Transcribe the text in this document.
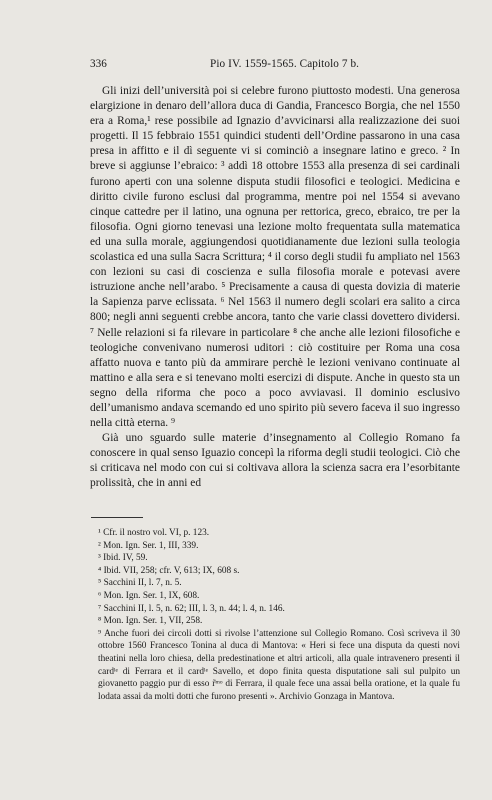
336	Pio IV. 1559-1565. Capitolo 7 b.

Gli inizi dell’università poi si celebre furono piuttosto modesti. Una generosa elargizione in denaro dell’allora duca di Gandia, Francesco Borgia, che nel 1550 era a Roma,¹ rese possibile ad Ignazio d’avvicinarsi alla realizzazione dei suoi progetti. Il 15 febbraio 1551 quindici studenti dell’Ordine passarono in una casa presa in affitto e il dì seguente vi si cominciò a insegnare latino e greco. ² In breve si aggiunse l’ebraico: ³ addì 18 ottobre 1553 alla presenza di sei cardinali furono aperti con una solenne disputa studii filosofici e teologici. Medicina e diritto civile furono esclusi dal programma, mentre poi nel 1554 si avevano cinque cattedre per il latino, una ognuna per rettorica, greco, ebraico, tre per la filosofia. Ogni giorno tenevasi una lezione molto frequentata sulla matematica ed una sulla morale, aggiungendosi quotidianamente due lezioni sulla teologia scolastica ed una sulla Sacra Scrittura; ⁴ il corso degli studii fu ampliato nel 1563 con lezioni su casi di coscienza e sulla filosofia morale e potevasi avere istruzione anche nell’arabo. ⁵ Precisamente a causa di questa dovizia di materie la Sapienza parve eclissata. ⁶ Nel 1563 il numero degli scolari era salito a circa 800; negli anni seguenti crebbe ancora, tanto che varie classi dovettero dividersi. ⁷ Nelle relazioni si fa rilevare in particolare ⁸ che anche alle lezioni filosofiche e teologiche convenivano numerosi uditori : ciò costituire per Roma una cosa affatto nuova e tanto più da ammirare perchè le lezioni venivano continuate al mattino e alla sera e si tenevano molti esercizi di dispute. Anche in questo sta un segno della riforma che poco a poco avviavasi. Il dominio esclusivo dell’umanismo andava scemando ed uno spirito più severo faceva il suo ingresso nella città eterna. ⁹

Già uno sguardo sulle materie d’insegnamento al Collegio Romano fa conoscere in qual senso Iguazio concepì la riforma degli studii teologici. Ciò che si criticava nel modo con cui si coltivava allora la scienza sacra era l’esorbitante prolissità, che in anni ed

¹ Cfr. il nostro vol. VI, p. 123.

² Mon. Ign. Ser. 1, III, 339.

³ Ibid. IV, 59.

⁴ Ibid. VII, 258; cfr. V, 613; IX, 608 s.

⁵ Sacchini II, l. 7, n. 5.

⁶ Mon. Ign. Ser. 1, IX, 608.

⁷ Sacchini II, l. 5, n. 62; III, l. 3, n. 44; l. 4, n. 146.

⁸ Mon. Ign. Ser. 1, VII, 258.

⁹ Anche fuori dei circoli dotti si rivolse l’attenzione sul Collegio Romano. Così scriveva il 30 ottobre 1560 Francesco Tonina al duca di Mantova: « Heri si fece una disputa da questi novi theatini nella loro chiesa, della predestinatione et altri articoli, alla quale intravenero presenti il cardˡᵉ di Ferrara et il cardˡᵉ Savello, et dopo finita questa disputatione sali sul pulpito un giovanetto paggio pur di esso r̃ᵐᵒ di Ferrara, il quale fece una assai bella oratione, et la quale fu lodata assai da molti dotti che furono presenti ». Archivio Gonzaga in Mantova.
